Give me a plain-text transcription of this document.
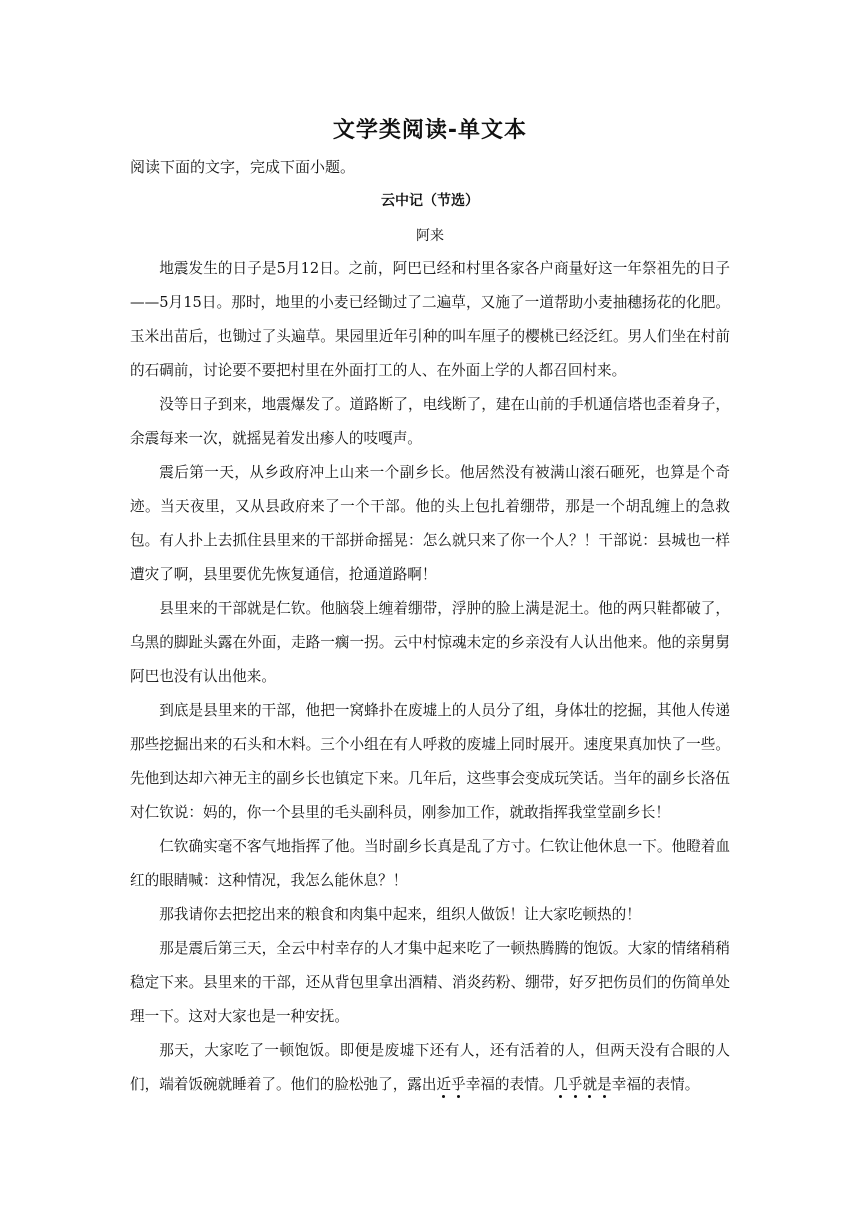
文学类阅读-单文本
阅读下面的文字，完成下面小题。
云中记（节选）
阿来

地震发生的日子是5月12日。之前，阿巴已经和村里各家各户商量好这一年祭祖先的日子——5月15日。那时，地里的小麦已经锄过了二遍草，又施了一道帮助小麦抽穗扬花的化肥。玉米出苗后，也锄过了头遍草。果园里近年引种的叫车厘子的樱桃已经泛红。男人们坐在村前的石碉前，讨论要不要把村里在外面打工的人、在外面上学的人都召回村来。

没等日子到来，地震爆发了。道路断了，电线断了，建在山前的手机通信塔也歪着身子，余震每来一次，就摇晃着发出瘆人的吱嘎声。

震后第一天，从乡政府冲上山来一个副乡长。他居然没有被满山滚石砸死，也算是个奇迹。当天夜里，又从县政府来了一个干部。他的头上包扎着绷带，那是一个胡乱缠上的急救包。有人扑上去抓住县里来的干部拼命摇晃：怎么就只来了你一个人？！干部说：县城也一样遭灾了啊，县里要优先恢复通信，抢通道路啊！

县里来的干部就是仁钦。他脑袋上缠着绷带，浮肿的脸上满是泥土。他的两只鞋都破了，乌黑的脚趾头露在外面，走路一瘸一拐。云中村惊魂未定的乡亲没有人认出他来。他的亲舅舅阿巴也没有认出他来。

到底是县里来的干部，他把一窝蜂扑在废墟上的人员分了组，身体壮的挖掘，其他人传递那些挖掘出来的石头和木料。三个小组在有人呼救的废墟上同时展开。速度果真加快了一些。先他到达却六神无主的副乡长也镇定下来。几年后，这些事会变成玩笑话。当年的副乡长洛伍对仁钦说：妈的，你一个县里的毛头副科员，刚参加工作，就敢指挥我堂堂副乡长！

仁钦确实毫不客气地指挥了他。当时副乡长真是乱了方寸。仁钦让他休息一下。他瞪着血红的眼睛喊：这种情况，我怎么能休息？！

那我请你去把挖出来的粮食和肉集中起来，组织人做饭！让大家吃顿热的！

那是震后第三天，全云中村幸存的人才集中起来吃了一顿热腾腾的饱饭。大家的情绪稍稍稳定下来。县里来的干部，还从背包里拿出酒精、消炎药粉、绷带，好歹把伤员们的伤简单处理一下。这对大家也是一种安抚。

那天，大家吃了一顿饱饭。即便是废墟下还有人，还有活着的人，但两天没有合眼的人们，端着饭碗就睡着了。他们的脸松弛了，露出近乎幸福的表情。几乎就是幸福的表情。
